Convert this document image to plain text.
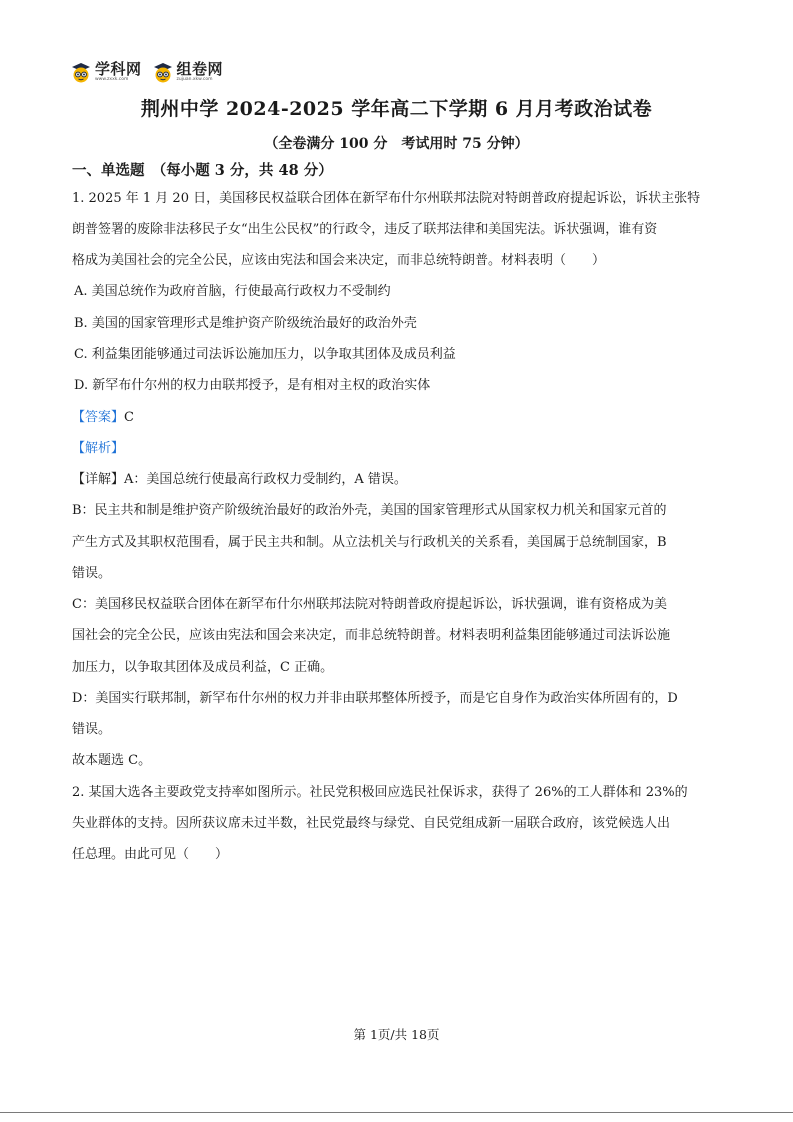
学科网
www.zxxk.com
组卷网
zujuan.xkw.com
荆州中学 2024-2025 学年高二下学期 6 月月考政治试卷
（全卷满分 100 分　考试用时 75 分钟）
一、单选题　（每小题 3 分，共 48 分）
1. 2025 年 1 月 20 日，美国移民权益联合团体在新罕布什尔州联邦法院对特朗普政府提起诉讼，诉状主张特
朗普签署的废除非法移民子女“出生公民权”的行政令，违反了联邦法律和美国宪法。诉状强调，谁有资
格成为美国社会的完全公民，应该由宪法和国会来决定，而非总统特朗普。材料表明（　　）
A. 美国总统作为政府首脑，行使最高行政权力不受制约
B. 美国的国家管理形式是维护资产阶级统治最好的政治外壳
C. 利益集团能够通过司法诉讼施加压力，以争取其团体及成员利益
D. 新罕布什尔州的权力由联邦授予，是有相对主权的政治实体
【答案】C
【解析】
【详解】A：美国总统行使最高行政权力受制约，A 错误。
B：民主共和制是维护资产阶级统治最好的政治外壳，美国的国家管理形式从国家权力机关和国家元首的
产生方式及其职权范围看，属于民主共和制。从立法机关与行政机关的关系看，美国属于总统制国家，B
错误。
C：美国移民权益联合团体在新罕布什尔州联邦法院对特朗普政府提起诉讼，诉状强调，谁有资格成为美
国社会的完全公民，应该由宪法和国会来决定，而非总统特朗普。材料表明利益集团能够通过司法诉讼施
加压力，以争取其团体及成员利益，C 正确。
D：美国实行联邦制，新罕布什尔州的权力并非由联邦整体所授予，而是它自身作为政治实体所固有的，D
错误。
故本题选 C。
2. 某国大选各主要政党支持率如图所示。社民党积极回应选民社保诉求，获得了 26%的工人群体和 23%的
失业群体的支持。因所获议席未过半数，社民党最终与绿党、自民党组成新一届联合政府，该党候选人出
任总理。由此可见（　　）
第 1页/共 18页
